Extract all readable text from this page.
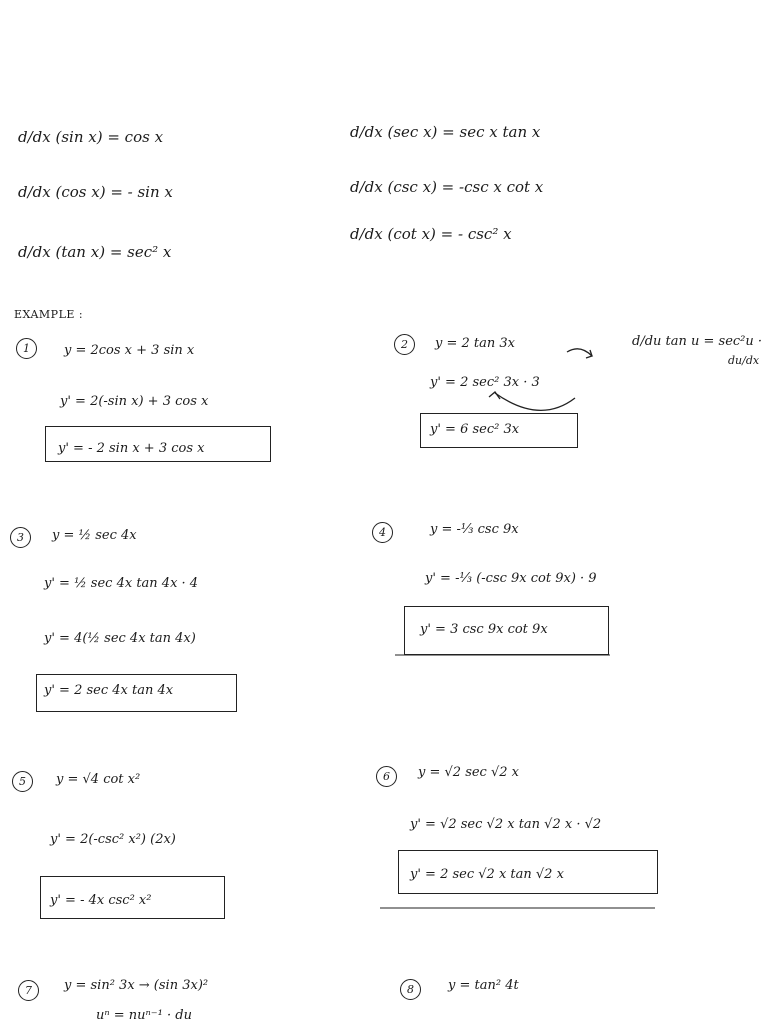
d/dx (sin x) = cos x
d/dx (cos x) = - sin x
d/dx (tan x) = sec² x
d/dx (sec x) = sec x tan x
d/dx (csc x) = -csc x cot x
d/dx (cot x) = - csc² x
EXAMPLE :
d/du tan u = sec²u ·
du/dx
1	y = 2cos x + 3 sin x
y' = 2(-sin x) + 3 cos x
y' = - 2 sin x + 3 cos x
2	y = 2 tan 3x
y' = 2 sec² 3x · 3
y' = 6 sec² 3x
3	y = ½ sec 4x
y' = ½ sec 4x tan 4x · 4
y' = 4(½ sec 4x tan 4x)
y' = 2 sec 4x tan 4x
4	y = -⅓ csc 9x
y' = -⅓ (-csc 9x cot 9x) · 9
y' = 3 csc 9x cot 9x
5	y = √4 cot x²
y' = 2(-csc² x²) (2x)
y' = - 4x csc² x²
6	y = √2 sec √2 x
y' = √2 sec √2 x tan √2 x · √2
y' = 2 sec √2 x tan √2 x
7	y = sin² 3x → (sin 3x)²
uⁿ = nuⁿ⁻¹ · du
8	y = tan² 4t
